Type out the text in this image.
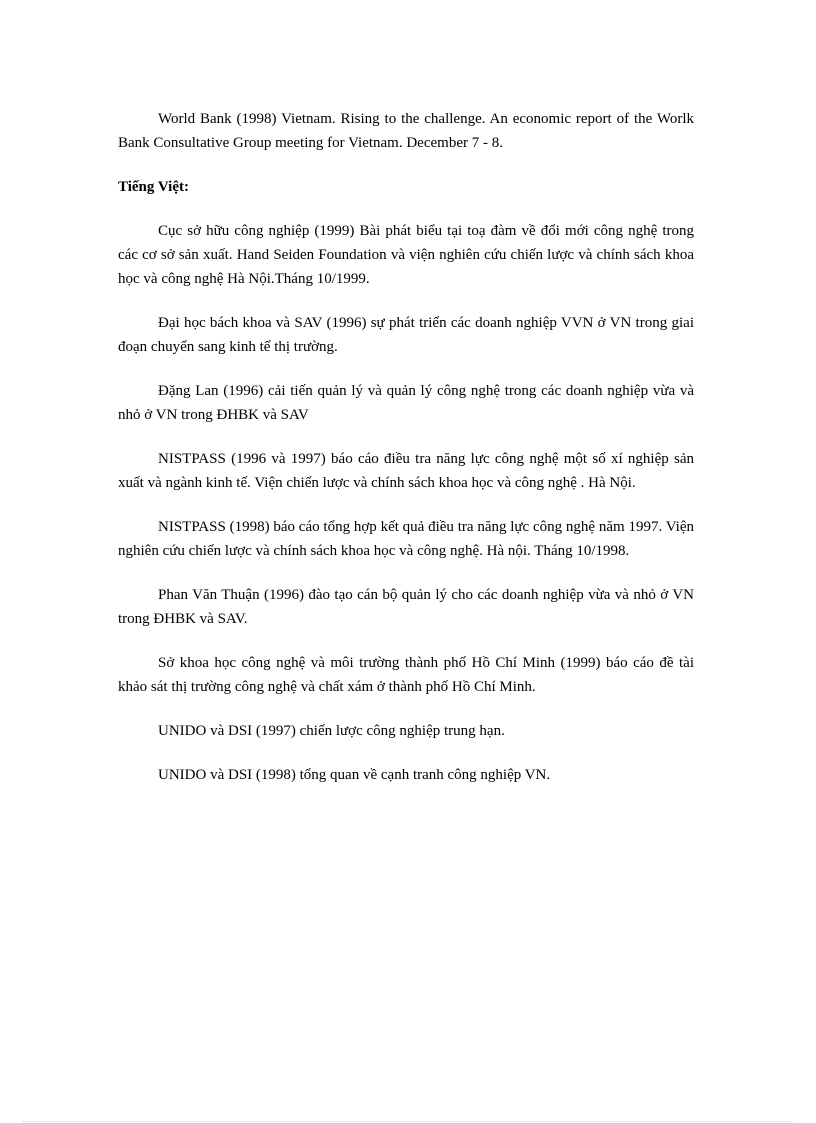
World Bank (1998) Vietnam. Rising to the challenge. An economic report of the Worlk Bank Consultative Group meeting for Vietnam. December 7 - 8.

Tiếng Việt:

Cục sở hữu công nghiệp (1999) Bài phát biểu tại toạ đàm về đổi mới công nghệ trong các cơ sở sản xuất. Hand Seiden Foundation và viện nghiên cứu chiến lược và chính sách khoa học và công nghệ Hà Nội.Tháng 10/1999.

Đại học bách khoa và SAV (1996) sự phát triển các doanh nghiệp VVN ở VN trong giai đoạn chuyển sang kinh tế thị trường.

Đặng Lan (1996) cải tiến quản lý và quản lý công nghệ trong các doanh nghiệp vừa và nhỏ ở VN trong ĐHBK và SAV

NISTPASS (1996 và 1997) báo cáo điều tra năng lực công nghệ một số xí nghiệp sản xuất và ngành kinh tế. Viện chiến lược và chính sách khoa học và công nghệ . Hà Nội.

NISTPASS (1998) báo cáo tổng hợp kết quả điều tra năng lực công nghệ năm 1997. Viện nghiên cứu chiến lược và chính sách khoa học và công nghệ. Hà nội. Tháng 10/1998.

Phan Văn Thuận (1996) đào tạo cán bộ quản lý cho các doanh nghiệp vừa và nhỏ ở VN trong ĐHBK và SAV.

Sở khoa học công nghệ và môi trường thành phố Hồ Chí Minh (1999) báo cáo đề tài khảo sát thị trường công nghệ và chất xám ở thành phố Hồ Chí Minh.

UNIDO và DSI (1997) chiến lược công nghiệp trung hạn.

UNIDO và DSI (1998) tổng quan về cạnh tranh công nghiệp VN.
